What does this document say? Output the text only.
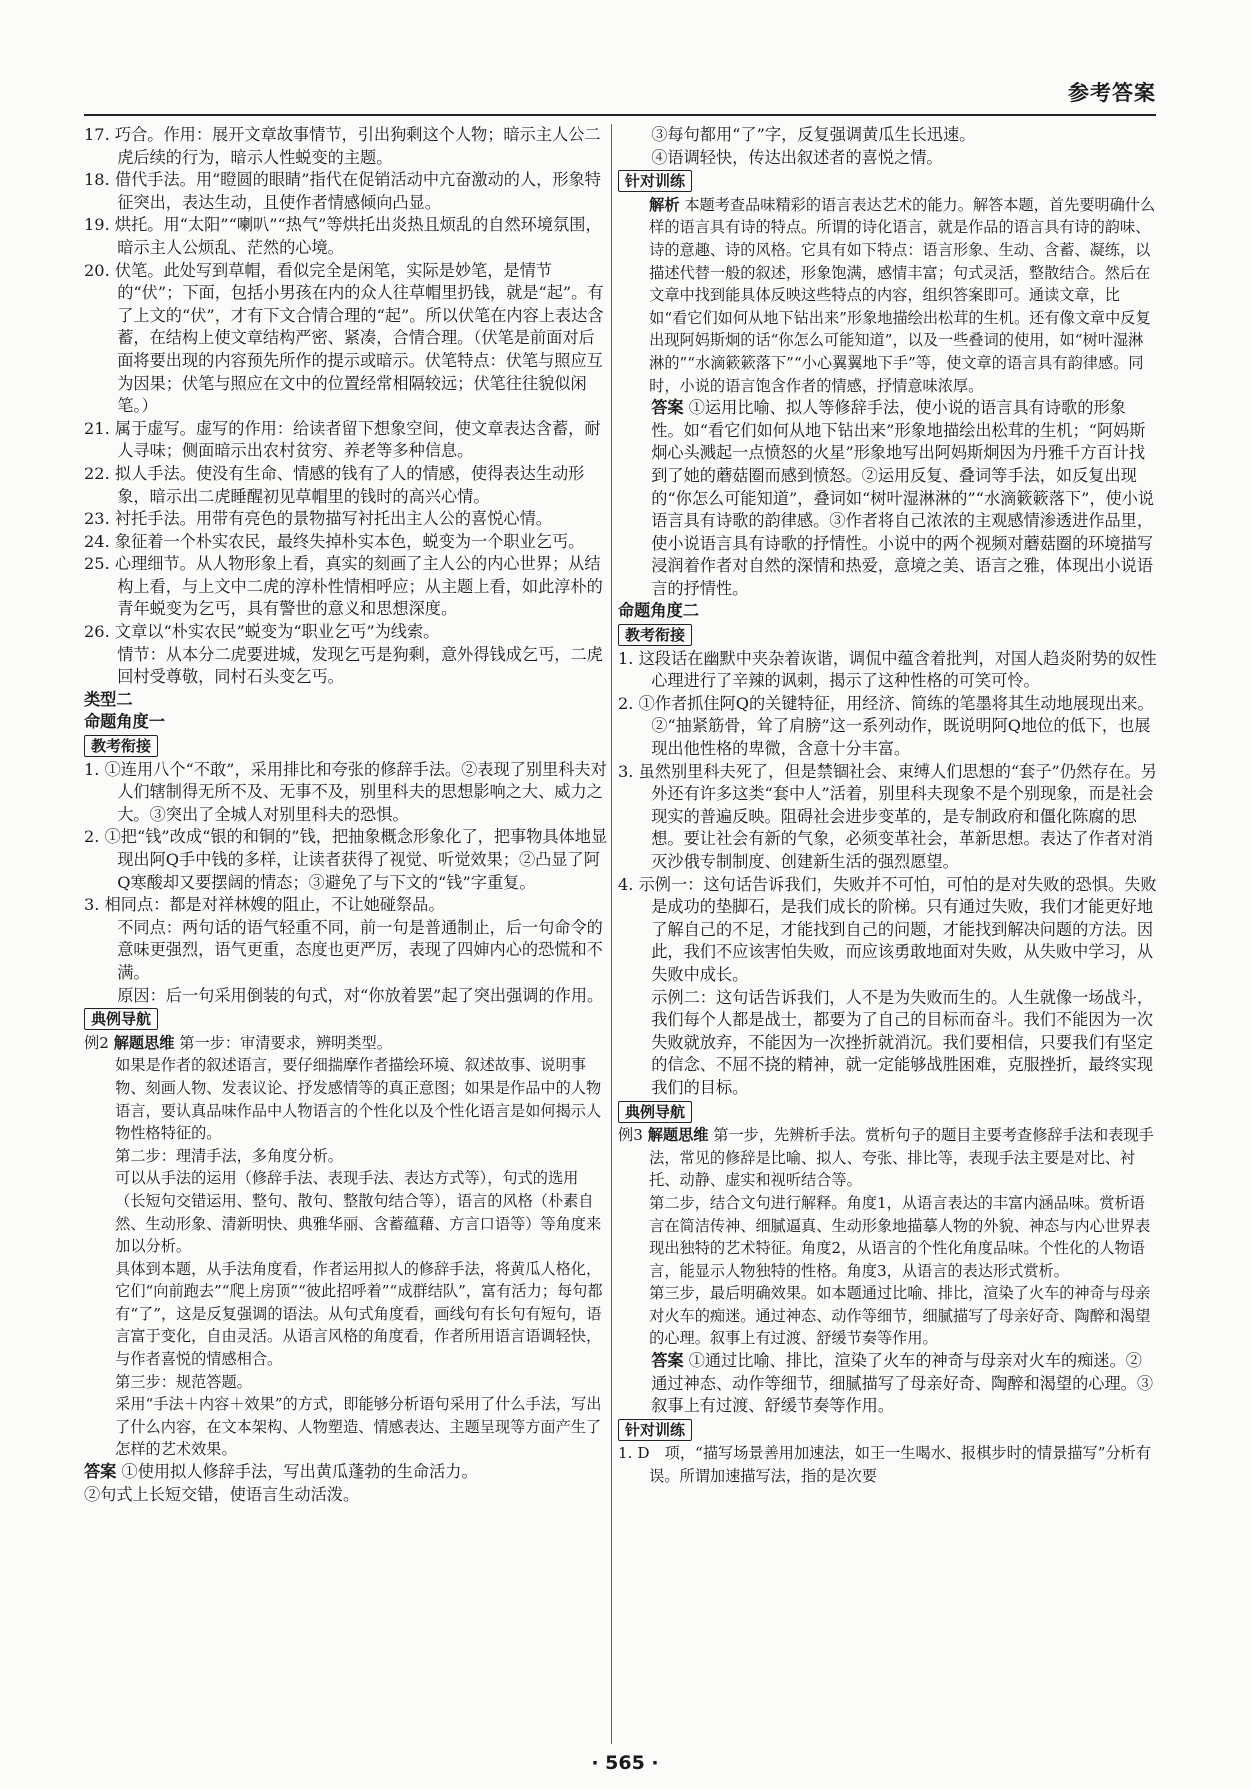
参考答案

17. 巧合。作用：展开文章故事情节，引出狗剩这个人物；暗示主人公二虎后续的行为，暗示人性蜕变的主题。

18. 借代手法。用“瞪圆的眼睛”指代在促销活动中亢奋激动的人，形象特征突出，表达生动，且使作者情感倾向凸显。

19. 烘托。用“太阳”“喇叭”“热气”等烘托出炎热且烦乱的自然环境氛围，暗示主人公烦乱、茫然的心境。

20. 伏笔。此处写到草帽，看似完全是闲笔，实际是妙笔，是情节的“伏”；下面，包括小男孩在内的众人往草帽里扔钱，就是“起”。有了上文的“伏”，才有下文合情合理的“起”。所以伏笔在内容上表达含蓄，在结构上使文章结构严密、紧凑，合情合理。（伏笔是前面对后面将要出现的内容预先所作的提示或暗示。伏笔特点：伏笔与照应互为因果；伏笔与照应在文中的位置经常相隔较远；伏笔往往貌似闲笔。）

21. 属于虚写。虚写的作用：给读者留下想象空间，使文章表达含蓄，耐人寻味；侧面暗示出农村贫穷、养老等多种信息。

22. 拟人手法。使没有生命、情感的钱有了人的情感，使得表达生动形象，暗示出二虎睡醒初见草帽里的钱时的高兴心情。

23. 衬托手法。用带有亮色的景物描写衬托出主人公的喜悦心情。

24. 象征着一个朴实农民，最终失掉朴实本色，蜕变为一个职业乞丐。

25. 心理细节。从人物形象上看，真实的刻画了主人公的内心世界；从结构上看，与上文中二虎的淳朴性情相呼应；从主题上看，如此淳朴的青年蜕变为乞丐，具有警世的意义和思想深度。

26. 文章以“朴实农民”蜕变为“职业乞丐”为线索。

情节：从本分二虎要进城，发现乞丐是狗剩，意外得钱成乞丐，二虎回村受尊敬，同村石头变乞丐。

类型二

命题角度一

教考衔接

1. ①连用八个“不敢”，采用排比和夸张的修辞手法。②表现了别里科夫对人们辖制得无所不及、无事不及，别里科夫的思想影响之大、威力之大。③突出了全城人对别里科夫的恐惧。

2. ①把“钱”改成“银的和铜的”钱，把抽象概念形象化了，把事物具体地显现出阿Q手中钱的多样，让读者获得了视觉、听觉效果；②凸显了阿Q寒酸却又要摆阔的情态；③避免了与下文的“钱”字重复。

3. 相同点：都是对祥林嫂的阻止，不让她碰祭品。

不同点：两句话的语气轻重不同，前一句是普通制止，后一句命令的意味更强烈，语气更重，态度也更严厉，表现了四婶内心的恐慌和不满。

原因：后一句采用倒装的句式，对“你放着罢”起了突出强调的作用。

典例导航

例2 解题思维 第一步：审清要求，辨明类型。

如果是作者的叙述语言，要仔细揣摩作者描绘环境、叙述故事、说明事物、刻画人物、发表议论、抒发感情等的真正意图；如果是作品中的人物语言，要认真品味作品中人物语言的个性化以及个性化语言是如何揭示人物性格特征的。

第二步：理清手法，多角度分析。

可以从手法的运用（修辞手法、表现手法、表达方式等），句式的选用（长短句交错运用、整句、散句、整散句结合等），语言的风格（朴素自然、生动形象、清新明快、典雅华丽、含蓄蕴藉、方言口语等）等角度来加以分析。

具体到本题，从手法角度看，作者运用拟人的修辞手法，将黄瓜人格化，它们“向前跑去”“爬上房顶”“彼此招呼着”“成群结队”，富有活力；每句都有“了”，这是反复强调的语法。从句式角度看，画线句有长句有短句，语言富于变化，自由灵活。从语言风格的角度看，作者所用语言语调轻快，与作者喜悦的情感相合。

第三步：规范答题。

采用“手法＋内容＋效果”的方式，即能够分析语句采用了什么手法，写出了什么内容，在文本架构、人物塑造、情感表达、主题呈现等方面产生了怎样的艺术效果。

答案 ①使用拟人修辞手法，写出黄瓜蓬勃的生命活力。

②句式上长短交错，使语言生动活泼。

③每句都用“了”字，反复强调黄瓜生长迅速。

④语调轻快，传达出叙述者的喜悦之情。

针对训练

解析 本题考查品味精彩的语言表达艺术的能力。解答本题，首先要明确什么样的语言具有诗的特点。所谓的诗化语言，就是作品的语言具有诗的韵味、诗的意趣、诗的风格。它具有如下特点：语言形象、生动、含蓄、凝练，以描述代替一般的叙述，形象饱满，感情丰富；句式灵活，整散结合。然后在文章中找到能具体反映这些特点的内容，组织答案即可。通读文章，比如“看它们如何从地下钻出来”形象地描绘出松茸的生机。还有像文章中反复出现阿妈斯炯的话“你怎么可能知道”，以及一些叠词的使用，如“树叶湿淋淋的”“水滴簌簌落下”“小心翼翼地下手”等，使文章的语言具有韵律感。同时，小说的语言饱含作者的情感，抒情意味浓厚。

答案 ①运用比喻、拟人等修辞手法，使小说的语言具有诗歌的形象性。如“看它们如何从地下钻出来”形象地描绘出松茸的生机；“阿妈斯炯心头溅起一点愤怒的火星”形象地写出阿妈斯炯因为丹雅千方百计找到了她的蘑菇圈而感到愤怒。②运用反复、叠词等手法，如反复出现的“你怎么可能知道”，叠词如“树叶湿淋淋的”“水滴簌簌落下”，使小说语言具有诗歌的韵律感。③作者将自己浓浓的主观感情渗透进作品里，使小说语言具有诗歌的抒情性。小说中的两个视频对蘑菇圈的环境描写浸润着作者对自然的深情和热爱，意境之美、语言之雅，体现出小说语言的抒情性。

命题角度二

教考衔接

1. 这段话在幽默中夹杂着诙谐，调侃中蕴含着批判，对国人趋炎附势的奴性心理进行了辛辣的讽刺，揭示了这种性格的可笑可怜。

2. ①作者抓住阿Q的关键特征，用经济、简练的笔墨将其生动地展现出来。②“抽紧筋骨，耸了肩膀”这一系列动作，既说明阿Q地位的低下，也展现出他性格的卑微，含意十分丰富。

3. 虽然别里科夫死了，但是禁锢社会、束缚人们思想的“套子”仍然存在。另外还有许多这类“套中人”活着，别里科夫现象不是个别现象，而是社会现实的普遍反映。阻碍社会进步变革的，是专制政府和僵化陈腐的思想。要让社会有新的气象，必须变革社会，革新思想。表达了作者对消灭沙俄专制制度、创建新生活的强烈愿望。

4. 示例一：这句话告诉我们，失败并不可怕，可怕的是对失败的恐惧。失败是成功的垫脚石，是我们成长的阶梯。只有通过失败，我们才能更好地了解自己的不足，才能找到自己的问题，才能找到解决问题的方法。因此，我们不应该害怕失败，而应该勇敢地面对失败，从失败中学习，从失败中成长。

示例二：这句话告诉我们，人不是为失败而生的。人生就像一场战斗，我们每个人都是战士，都要为了自己的目标而奋斗。我们不能因为一次失败就放弃，不能因为一次挫折就消沉。我们要相信，只要我们有坚定的信念、不屈不挠的精神，就一定能够战胜困难，克服挫折，最终实现我们的目标。

典例导航

例3 解题思维 第一步，先辨析手法。赏析句子的题目主要考查修辞手法和表现手法，常见的修辞是比喻、拟人、夸张、排比等，表现手法主要是对比、衬托、动静、虚实和视听结合等。

第二步，结合文句进行解释。角度1，从语言表达的丰富内涵品味。赏析语言在简洁传神、细腻逼真、生动形象地描摹人物的外貌、神态与内心世界表现出独特的艺术特征。角度2，从语言的个性化角度品味。个性化的人物语言，能显示人物独特的性格。角度3，从语言的表达形式赏析。

第三步，最后明确效果。如本题通过比喻、排比，渲染了火车的神奇与母亲对火车的痴迷。通过神态、动作等细节，细腻描写了母亲好奇、陶醉和渴望的心理。叙事上有过渡、舒缓节奏等作用。

答案 ①通过比喻、排比，渲染了火车的神奇与母亲对火车的痴迷。②通过神态、动作等细节，细腻描写了母亲好奇、陶醉和渴望的心理。③叙事上有过渡、舒缓节奏等作用。

针对训练

1. D　项，“描写场景善用加速法，如王一生喝水、报棋步时的情景描写”分析有误。所谓加速描写法，指的是次要

· 565 ·
